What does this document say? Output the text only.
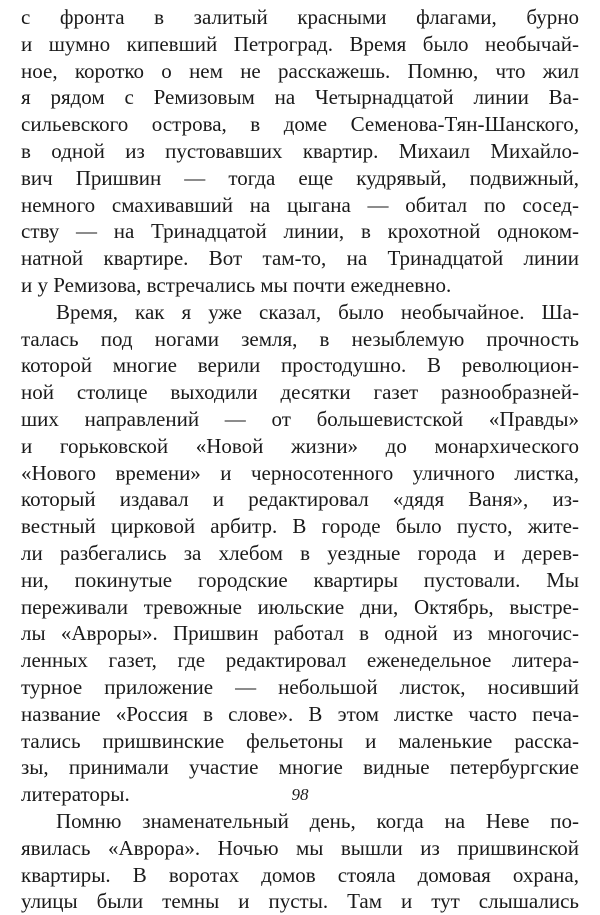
с фронта в залитый красными флагами, бурно
и шумно кипевший Петроград. Время было необычай-
ное, коротко о нем не расскажешь. Помню, что жил
я рядом с Ремизовым на Четырнадцатой линии Ва-
сильевского острова, в доме Семенова-Тян-Шанского,
в одной из пустовавших квартир. Михаил Михайло-
вич Пришвин — тогда еще кудрявый, подвижный,
немного смахивавший на цыгана — обитал по сосед-
ству — на Тринадцатой линии, в крохотной одноком-
натной квартире. Вот там-то, на Тринадцатой линии
и у Ремизова, встречались мы почти ежедневно.
Время, как я уже сказал, было необычайное. Ша-
талась под ногами земля, в незыблемую прочность
которой многие верили простодушно. В революцион-
ной столице выходили десятки газет разнообразней-
ших направлений — от большевистской «Правды»
и горьковской «Новой жизни» до монархического
«Нового времени» и черносотенного уличного листка,
который издавал и редактировал «дядя Ваня», из-
вестный цирковой арбитр. В городе было пусто, жите-
ли разбегались за хлебом в уездные города и дерев-
ни, покинутые городские квартиры пустовали. Мы
переживали тревожные июльские дни, Октябрь, выстре-
лы «Авроры». Пришвин работал в одной из многочис-
ленных газет, где редактировал еженедельное литера-
турное приложение — небольшой листок, носивший
название «Россия в слове». В этом листке часто печа-
тались пришвинские фельетоны и маленькие расска-
зы, принимали участие многие видные петербургские
литераторы.
Помню знаменательный день, когда на Неве по-
явилась «Аврора». Ночью мы вышли из пришвинской
квартиры. В воротах домов стояла домовая охрана,
улицы были темны и пусты. Там и тут слышались
98
